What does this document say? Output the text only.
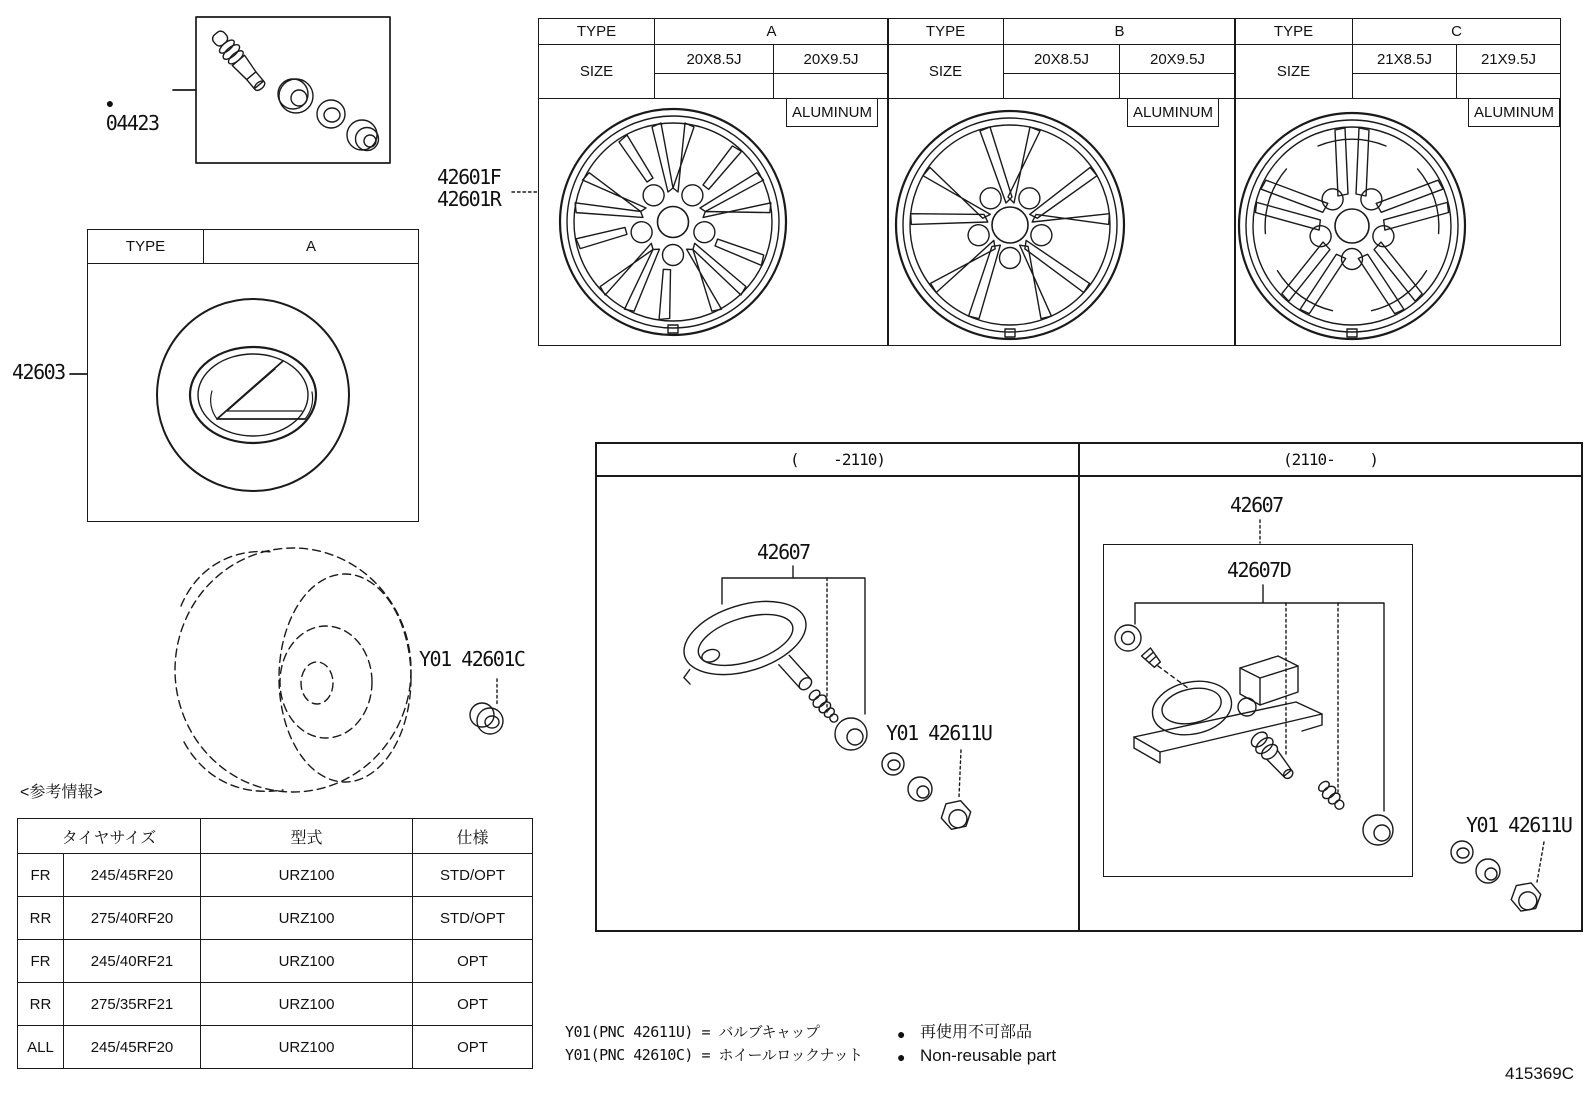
TYPE	A	
SIZE	20X8.5J	20X9.5J

ALUMINUM		
TYPE	B	
SIZE	20X8.5J	20X9.5J

ALUMINUM		
TYPE	C	
SIZE	21X8.5J	21X9.5J

ALUMINUM		
TYPE	A

(    -2110)	(2110-    )
<参考情報>
タイヤサイズ		型式	仕様
FR	245/45RF20	URZ100	STD/OPT
RR	275/40RF20	URZ100	STD/OPT
FR	245/40RF21	URZ100	OPT
RR	275/35RF21	URZ100	OPT
ALL	245/45RF20	URZ100	OPT

●
04423

42601F
42601R
42603
Y01 42601C
42607
Y01 42611U
42607
42607D
Y01 42611U
Y01(PNC 42611U) = バルブキャップ
Y01(PNC 42610C) = ホイールロックナット
● 再使用不可部品
● Non-reusable part
415369C
